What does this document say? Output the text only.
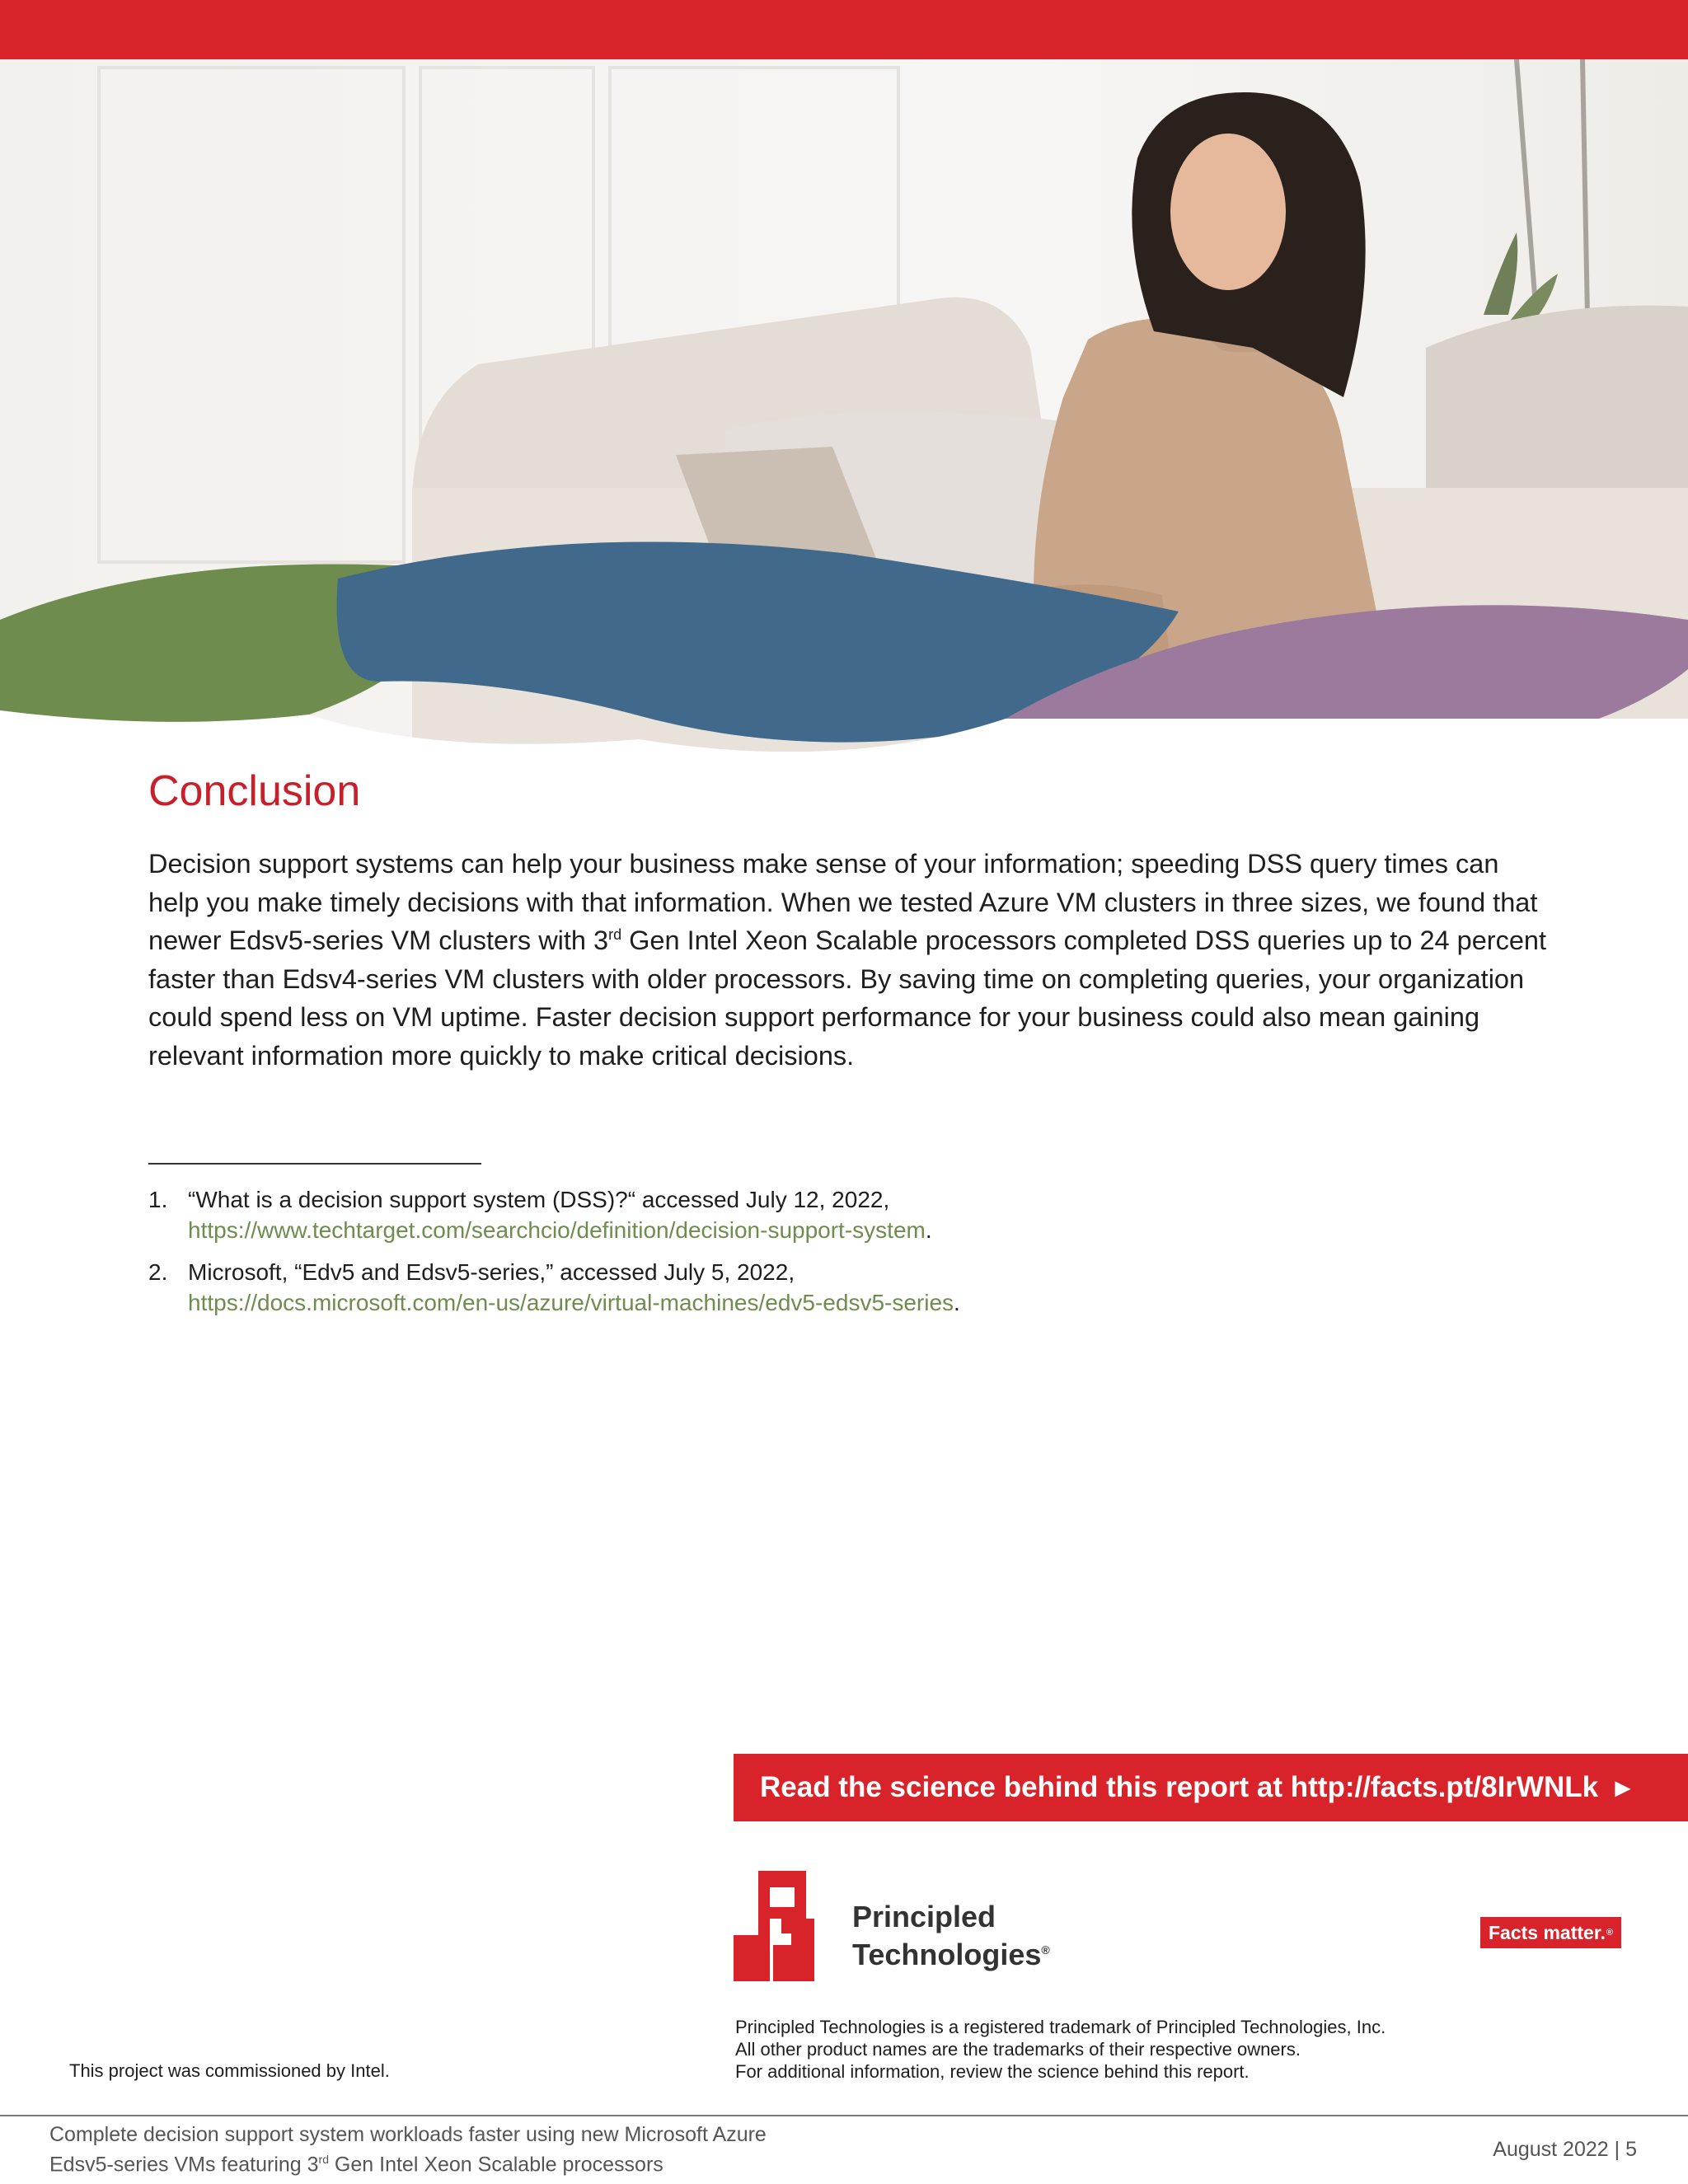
Conclusion

Decision support systems can help your business make sense of your information; speeding DSS query times can help you make timely decisions with that information. When we tested Azure VM clusters in three sizes, we found that newer Edsv5-series VM clusters with 3rd Gen Intel Xeon Scalable processors completed DSS queries up to 24 percent faster than Edsv4-series VM clusters with older processors. By saving time on completing queries, your organization could spend less on VM uptime. Faster decision support performance for your business could also mean gaining relevant information more quickly to make critical decisions.

1. “What is a decision support system (DSS)?“ accessed July 12, 2022,
https://www.techtarget.com/searchcio/definition/decision-support-system.
2. Microsoft, “Edv5 and Edsv5-series,” accessed July 5, 2022,
https://docs.microsoft.com/en-us/azure/virtual-machines/edv5-edsv5-series.
Read the science behind this report at http://facts.pt/8IrWNLk ►
Principled
Technologies®
Facts matter. ®
Principled Technologies is a registered trademark of Principled Technologies, Inc.
All other product names are the trademarks of their respective owners.
For additional information, review the science behind this report.
This project was commissioned by Intel.
Complete decision support system workloads faster using new Microsoft Azure
Edsv5-series VMs featuring 3rd Gen Intel Xeon Scalable processors
August 2022 | 5
